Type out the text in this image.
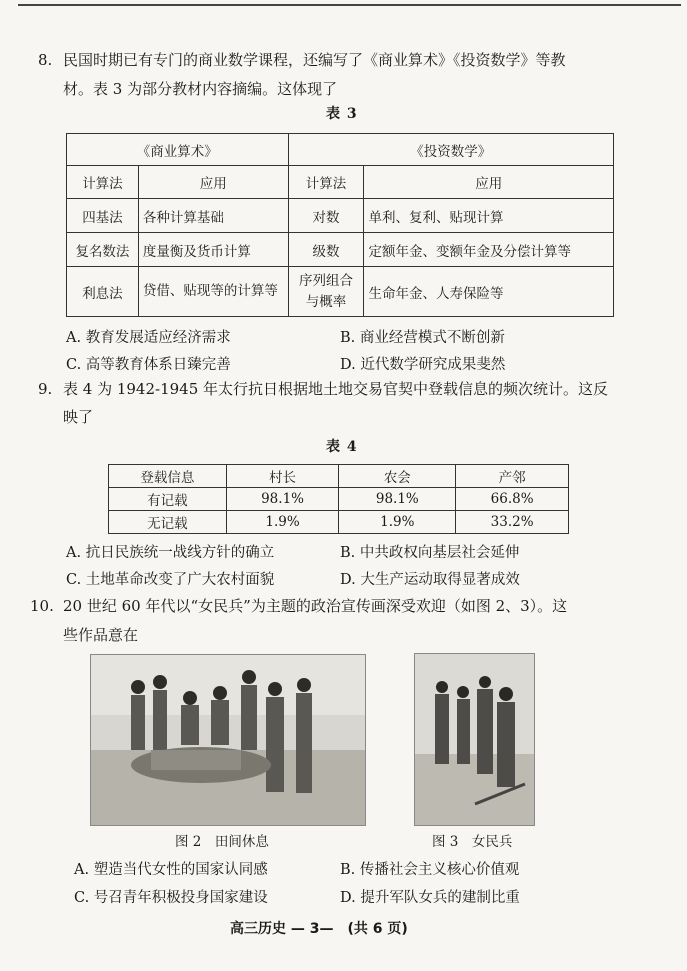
8. 民国时期已有专门的商业数学课程，还编写了《商业算术》《投资数学》等教
材。表 3 为部分教材内容摘编。这体现了
表 3
《商业算术》		《投资数学》	
计算法	应用	计算法	应用
四基法	各种计算基础	对数	单利、复利、贴现计算
复名数法	度量衡及货币计算	级数	定额年金、变额年金及分偿计算等
利息法	贷借、贴现等的计算等	序列组合与概率	生命年金、人寿保险等
A. 教育发展适应经济需求	B. 商业经营模式不断创新
C. 高等教育体系日臻完善	D. 近代数学研究成果斐然
9. 表 4 为 1942-1945 年太行抗日根据地土地交易官契中登载信息的频次统计。这反
映了
表 4
登载信息	村长	农会	产邻
有记载	98.1%	98.1%	66.8%
无记载	1.9%	1.9%	33.2%
A. 抗日民族统一战线方针的确立	B. 中共政权向基层社会延伸
C. 土地革命改变了广大农村面貌	D. 大生产运动取得显著成效
10. 20 世纪 60 年代以“女民兵”为主题的政治宣传画深受欢迎（如图 2、3）。这
些作品意在
图 2　田间休息	图 3　女民兵
A. 塑造当代女性的国家认同感	B. 传播社会主义核心价值观
C. 号召青年积极投身国家建设	D. 提升军队女兵的建制比重
高三历史 — 3—　(共 6 页)
